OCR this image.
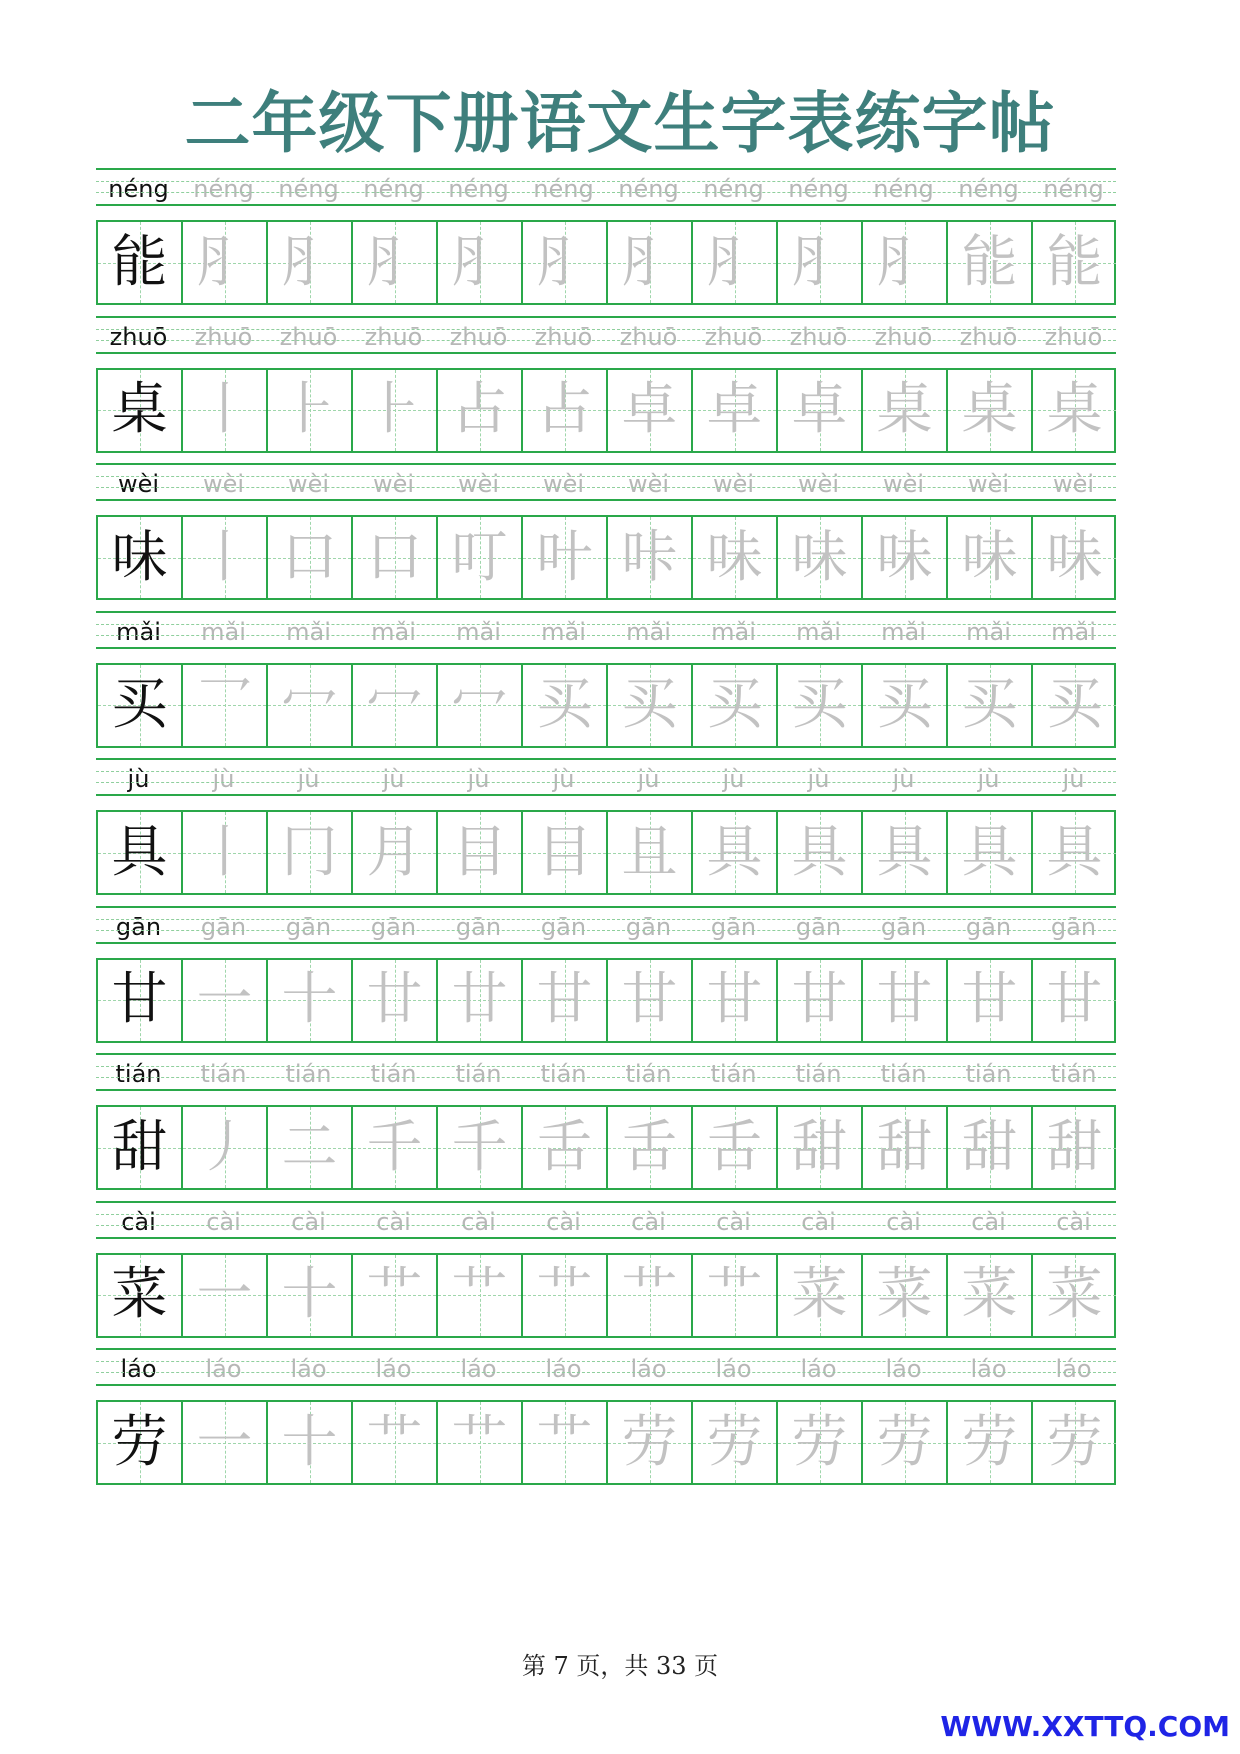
二年级下册语文生字表练字帖
néng	néng	néng	néng	néng	néng	néng	néng	néng	néng	néng	néng
能 ⺼ ⺼ ⺼ ⺼ ⺼ ⺼ ⺼ ⺼ ⺼ 能 能
zhuō	zhuō	zhuō	zhuō	zhuō	zhuō	zhuō	zhuō	zhuō	zhuō	zhuō	zhuō
桌 丨 ⺊ ⺊ 占 占 卓 卓 卓 桌 桌 桌
wèi	wèi	wèi	wèi	wèi	wèi	wèi	wèi	wèi	wèi	wèi	wèi
味 丨 口 口 叮 叶 咔 味 味 味 味 味
mǎi	mǎi	mǎi	mǎi	mǎi	mǎi	mǎi	mǎi	mǎi	mǎi	mǎi	mǎi
买 乛 冖 冖 冖 买 买 买 买 买 买 买
jù	jù	jù	jù	jù	jù	jù	jù	jù	jù	jù	jù
具 丨 冂 月 目 目 且 具 具 具 具 具
gān	gān	gān	gān	gān	gān	gān	gān	gān	gān	gān	gān
甘 一 十 廿 廿 甘 甘 甘 甘 甘 甘 甘
tián	tián	tián	tián	tián	tián	tián	tián	tián	tián	tián	tián
甜 丿 二 千 千 舌 舌 舌 甜 甜 甜 甜
cài	cài	cài	cài	cài	cài	cài	cài	cài	cài	cài	cài
菜 一 十 艹 艹 艹 艹 艹 菜 菜 菜 菜
láo	láo	láo	láo	láo	láo	láo	láo	láo	láo	láo	láo
劳 一 十 艹 艹 艹 劳 劳 劳 劳 劳 劳
第 7 页，共 33 页
WWW.XXTTQ.COM
